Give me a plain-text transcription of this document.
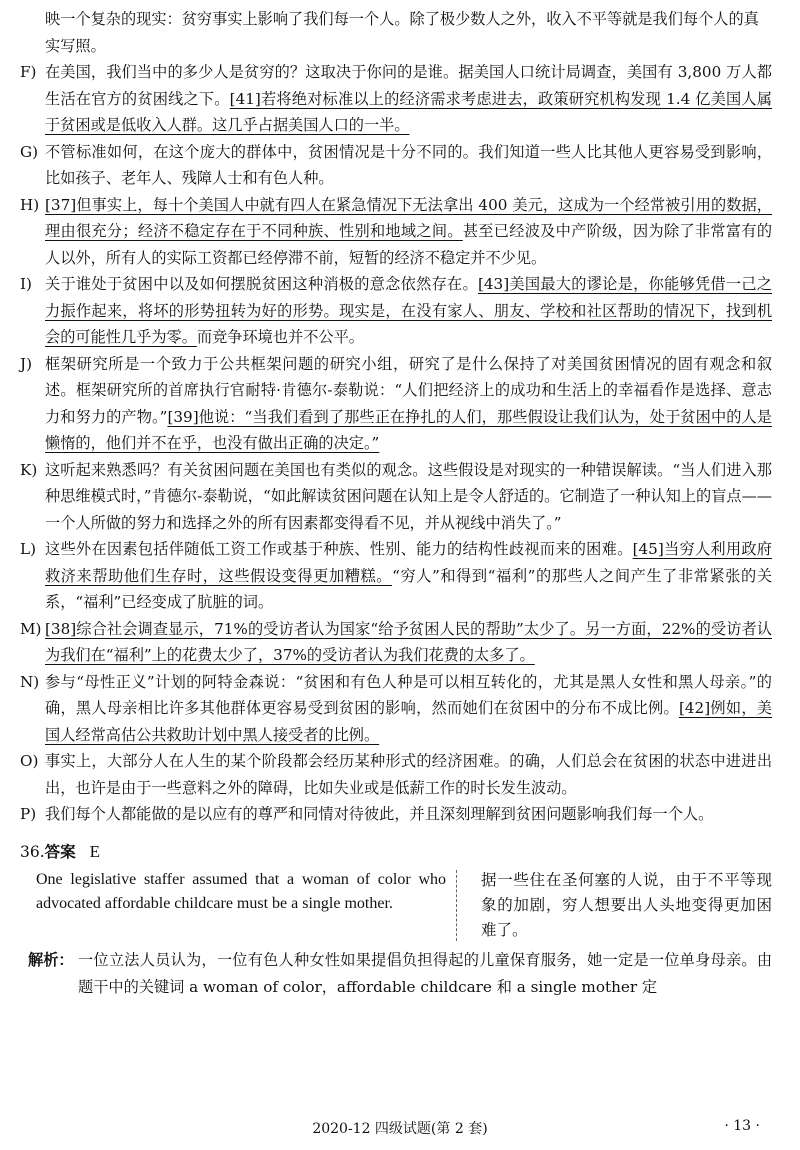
映一个复杂的现实：贫穷事实上影响了我们每一个人。除了极少数人之外，收入不平等就是我们每个人的真实写照。
F) 在美国，我们当中的多少人是贫穷的？这取决于你问的是谁。据美国人口统计局调查，美国有 3,800 万人都生活在官方的贫困线之下。[41]若将绝对标准以上的经济需求考虑进去，政策研究机构发现 1.4 亿美国人属于贫困或是低收入人群。这几乎占据美国人口的一半。
G) 不管标准如何，在这个庞大的群体中，贫困情况是十分不同的。我们知道一些人比其他人更容易受到影响，比如孩子、老年人、残障人士和有色人种。
H) [37]但事实上，每十个美国人中就有四人在紧急情况下无法拿出 400 美元，这成为一个经常被引用的数据，理由很充分；经济不稳定存在于不同种族、性别和地域之间。甚至已经波及中产阶级，因为除了非常富有的人以外，所有人的实际工资都已经停滞不前，短暂的经济不稳定并不少见。
I) 关于谁处于贫困中以及如何摆脱贫困这种消极的意念依然存在。[43]美国最大的谬论是，你能够凭借一己之力振作起来，将坏的形势扭转为好的形势。现实是，在没有家人、朋友、学校和社区帮助的情况下，找到机会的可能性几乎为零。而竞争环境也并不公平。
J) 框架研究所是一个致力于公共框架问题的研究小组，研究了是什么保持了对美国贫困情况的固有观念和叙述。框架研究所的首席执行官耐特·肯德尔-泰勒说：“人们把经济上的成功和生活上的幸福看作是选择、意志力和努力的产物。”[39]他说：“当我们看到了那些正在挣扎的人们，那些假设让我们认为，处于贫困中的人是懒惰的，他们并不在乎，也没有做出正确的决定。”
K) 这听起来熟悉吗？有关贫困问题在美国也有类似的观念。这些假设是对现实的一种错误解读。“当人们进入那种思维模式时，”肯德尔-泰勒说，“如此解读贫困问题在认知上是令人舒适的。它制造了一种认知上的盲点——一个人所做的努力和选择之外的所有因素都变得看不见，并从视线中消失了。”
L) 这些外在因素包括伴随低工资工作或基于种族、性别、能力的结构性歧视而来的困难。[45]当穷人利用政府救济来帮助他们生存时，这些假设变得更加糟糕。“穷人”和得到“福利”的那些人之间产生了非常紧张的关系，“福利”已经变成了肮脏的词。
M) [38]综合社会调查显示，71%的受访者认为国家“给予贫困人民的帮助”太少了。另一方面，22%的受访者认为我们在“福利”上的花费太少了，37%的受访者认为我们花费的太多了。
N) 参与“母性正义”计划的阿特金森说：“贫困和有色人种是可以相互转化的，尤其是黑人女性和黑人母亲。”的确，黑人母亲相比许多其他群体更容易受到贫困的影响，然而她们在贫困中的分布不成比例。[42]例如，美国人经常高估公共救助计划中黑人接受者的比例。
O) 事实上，大部分人在人生的某个阶段都会经历某种形式的经济困难。的确，人们总会在贫困的状态中进进出出，也许是由于一些意料之外的障碍，比如失业或是低薪工作的时长发生波动。
P) 我们每个人都能做的是以应有的尊严和同情对待彼此，并且深刻理解到贫困问题影响我们每一个人。
36. 答案 E
One legislative staffer assumed that a woman of color who advocated affordable childcare must be a single mother.
据一些住在圣何塞的人说，由于不平等现象的加剧，穷人想要出人头地变得更加困难了。
解析： 一位立法人员认为，一位有色人种女性如果提倡负担得起的儿童保育服务，她一定是一位单身母亲。由题干中的关键词 a woman of color，affordable childcare 和 a single mother 定
2020-12 四级试题(第 2 套)	· 13 ·
